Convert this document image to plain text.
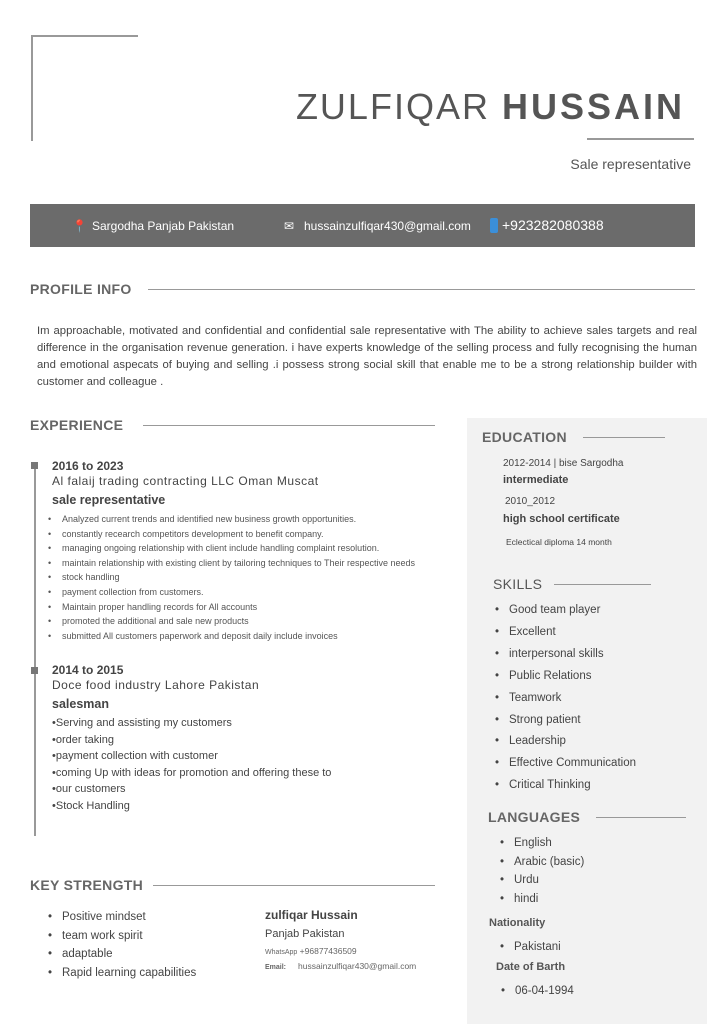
ZULFIQAR HUSSAIN
Sale representative
📍 Sargodha Panjab Pakistan	✉ hussainzulfiqar430@gmail.com +923282080388
PROFILE INFO
Im approachable, motivated and confidential and confidential sale representative with The ability to achieve sales targets and real difference in the organisation revenue generation. i have experts knowledge of the selling process and fully recognising the human and emotional aspecats of buying and selling .i possess strong social skill that enable me to be a strong relationship builder with customer and colleague .
EXPERIENCE
2016 to 2023
Al falaij trading contracting LLC Oman Muscat
sale representative
• Analyzed current trends and identified new business growth opportunities.
• constantly recearch competitors development to benefit company.
• managing ongoing relationship with client include handling complaint resolution.
• maintain relationship with existing client by tailoring techniques to Their respective needs
• stock handling
• payment collection from customers.
• Maintain proper handling records for All accounts
• promoted the additional and sale new products
• submitted All customers paperwork and deposit daily include invoices
2014 to 2015
Doce food industry Lahore Pakistan
salesman
•Serving and assisting my customers
•order taking
•payment collection with customer
•coming Up with ideas for promotion and offering these to
•our customers
•Stock Handling
KEY STRENGTH
• Positive mindset
• team work spirit
• adaptable
• Rapid learning capabilities
zulfiqar Hussain
Panjab Pakistan
WhatsApp +96877436509
Email: hussainzulfiqar430@gmail.com
EDUCATION
2012-2014 | bise Sargodha
intermediate
2010_2012
high school certificate
Eclectical diploma 14 month
SKILLS
• Good team player
• Excellent
• interpersonal skills
• Public Relations
• Teamwork
• Strong patient
• Leadership
• Effective Communication
• Critical Thinking
LANGUAGES
• English
• Arabic (basic)
• Urdu
• hindi
Nationality
• Pakistani
Date of Barth
• 06-04-1994
